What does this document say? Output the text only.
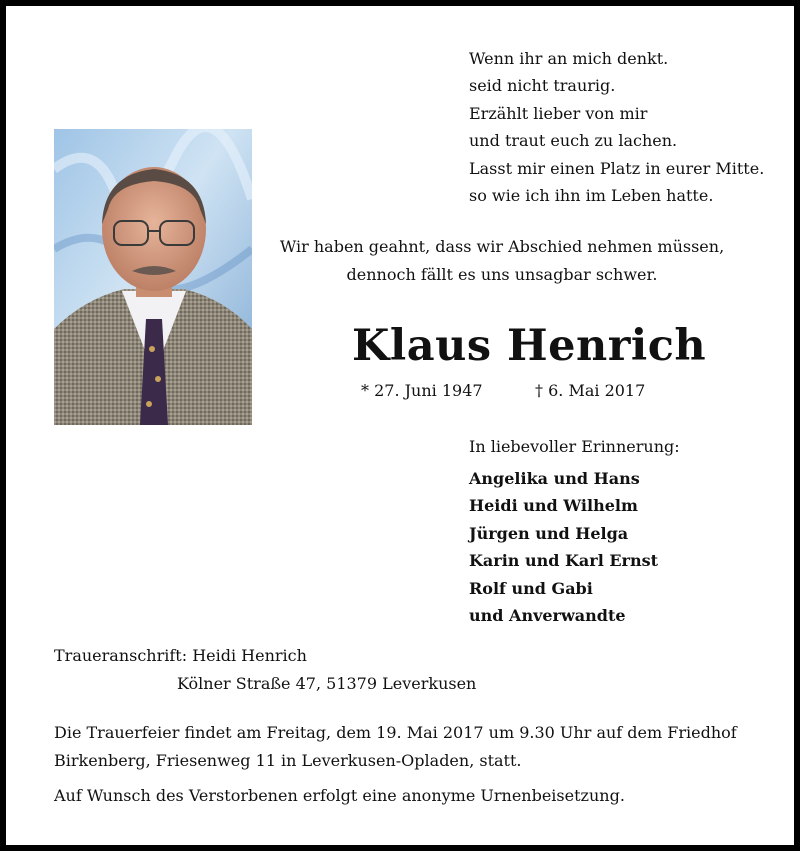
Wenn ihr an mich denkt.
seid nicht traurig.
Erzählt lieber von mir
und traut euch zu lachen.
Lasst mir einen Platz in eurer Mitte.
so wie ich ihn im Leben hatte.
Wir haben geahnt, dass wir Abschied nehmen müssen,
dennoch fällt es uns unsagbar schwer.
Klaus Henrich
* 27. Juni 1947	† 6. Mai 2017
In liebevoller Erinnerung:
Angelika und Hans
Heidi und Wilhelm
Jürgen und Helga
Karin und Karl Ernst
Rolf und Gabi
und Anverwandte
Traueranschrift: Heidi Henrich
Kölner Straße 47, 51379 Leverkusen
Die Trauerfeier findet am Freitag, dem 19. Mai 2017 um 9.30 Uhr auf dem Friedhof
Birkenberg, Friesenweg 11 in Leverkusen-Opladen, statt.
Auf Wunsch des Verstorbenen erfolgt eine anonyme Urnenbeisetzung.
